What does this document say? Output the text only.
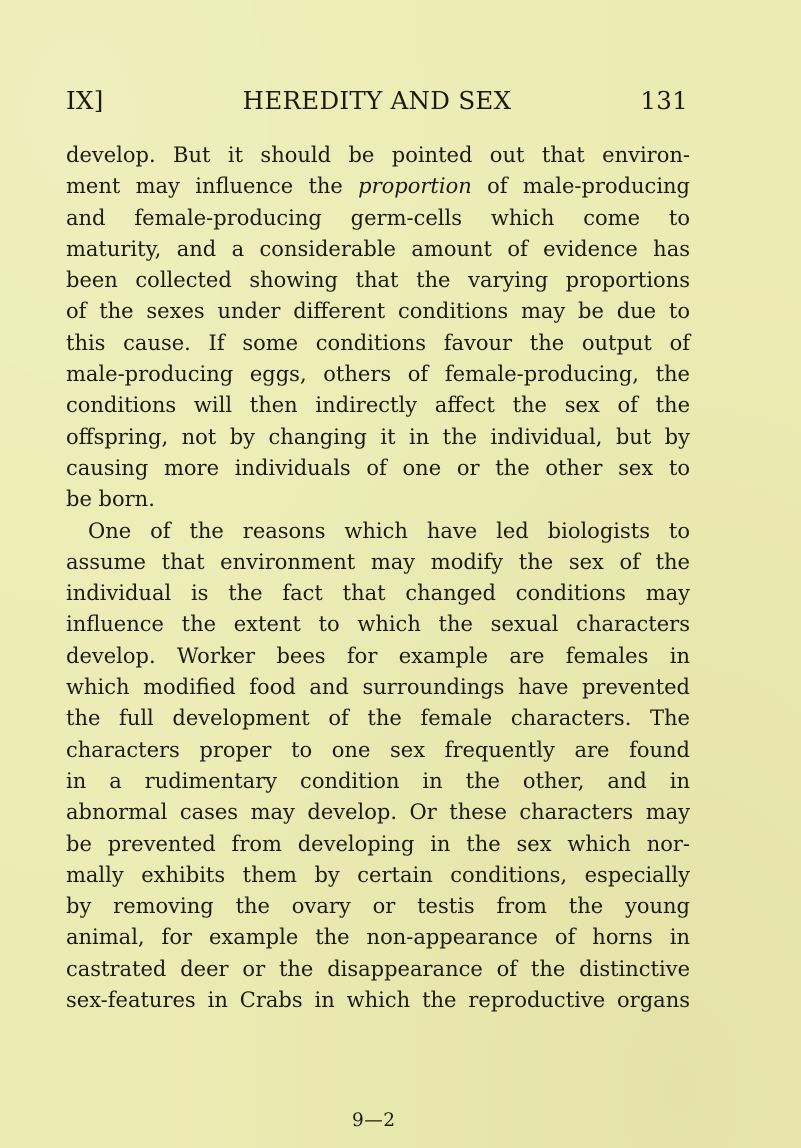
IX]	HEREDITY AND SEX	131
develop. But it should be pointed out that environ-
ment may influence the proportion of male-producing
and female-producing germ-cells which come to
maturity, and a considerable amount of evidence has
been collected showing that the varying proportions
of the sexes under different conditions may be due to
this cause. If some conditions favour the output of
male-producing eggs, others of female-producing, the
conditions will then indirectly affect the sex of the
offspring, not by changing it in the individual, but by
causing more individuals of one or the other sex to
be born.
One of the reasons which have led biologists to
assume that environment may modify the sex of the
individual is the fact that changed conditions may
influence the extent to which the sexual characters
develop. Worker bees for example are females in
which modified food and surroundings have prevented
the full development of the female characters. The
characters proper to one sex frequently are found
in a rudimentary condition in the other, and in
abnormal cases may develop. Or these characters may
be prevented from developing in the sex which nor-
mally exhibits them by certain conditions, especially
by removing the ovary or testis from the young
animal, for example the non-appearance of horns in
castrated deer or the disappearance of the distinctive
sex-features in Crabs in which the reproductive organs
9—2
